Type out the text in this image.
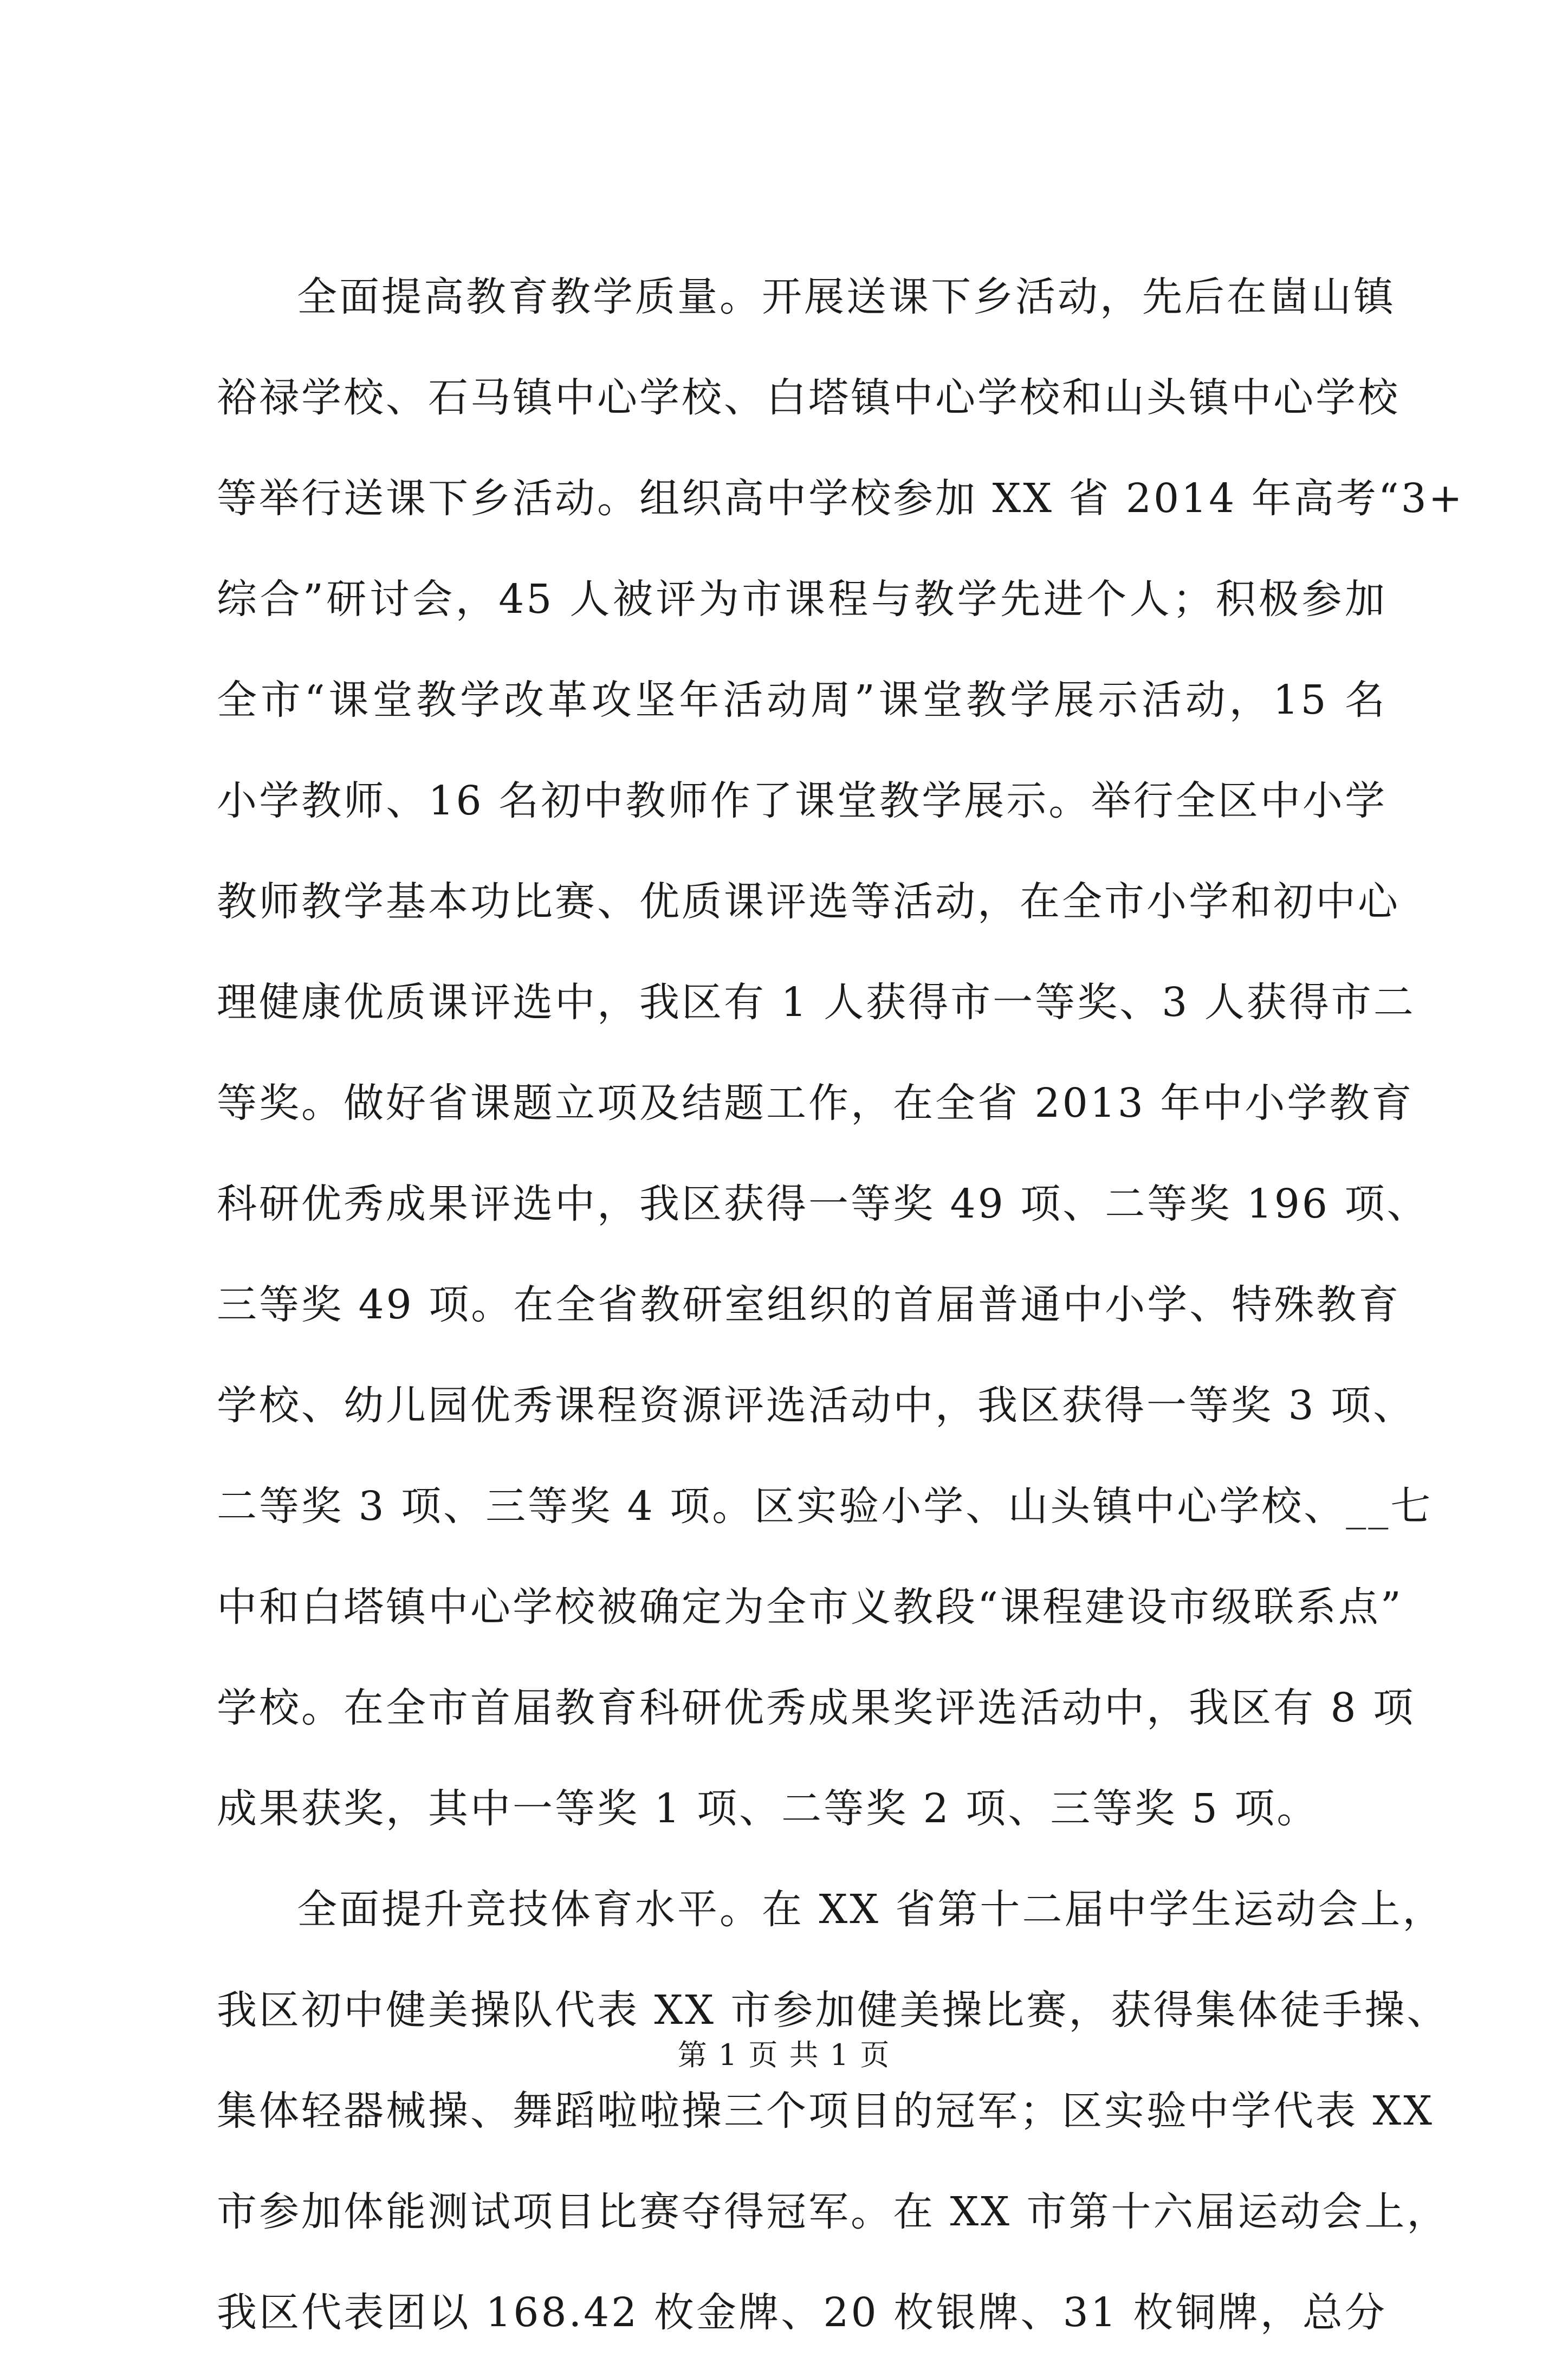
全面提高教育教学质量。开展送课下乡活动，先后在崮山镇
裕禄学校、石马镇中心学校、白塔镇中心学校和山头镇中心学校
等举行送课下乡活动。组织高中学校参加 XX 省 2014 年高考“3+
综合”研讨会，45 人被评为市课程与教学先进个人；积极参加
全市“课堂教学改革攻坚年活动周”课堂教学展示活动，15 名
小学教师、16 名初中教师作了课堂教学展示。举行全区中小学
教师教学基本功比赛、优质课评选等活动，在全市小学和初中心
理健康优质课评选中，我区有 1 人获得市一等奖、3 人获得市二
等奖。做好省课题立项及结题工作，在全省 2013 年中小学教育
科研优秀成果评选中，我区获得一等奖 49 项、二等奖 196 项、
三等奖 49 项。在全省教研室组织的首届普通中小学、特殊教育
学校、幼儿园优秀课程资源评选活动中，我区获得一等奖 3 项、
二等奖 3 项、三等奖 4 项。区实验小学、山头镇中心学校、__七
中和白塔镇中心学校被确定为全市义教段“课程建设市级联系点”
学校。在全市首届教育科研优秀成果奖评选活动中，我区有 8 项
成果获奖，其中一等奖 1 项、二等奖 2 项、三等奖 5 项。
全面提升竞技体育水平。在 XX 省第十二届中学生运动会上，
我区初中健美操队代表 XX 市参加健美操比赛，获得集体徒手操、
集体轻器械操、舞蹈啦啦操三个项目的冠军；区实验中学代表 XX
市参加体能测试项目比赛夺得冠军。在 XX 市第十六届运动会上，
我区代表团以 168.42 枚金牌、20 枚银牌、31 枚铜牌，总分
第 1 页 共 1 页
